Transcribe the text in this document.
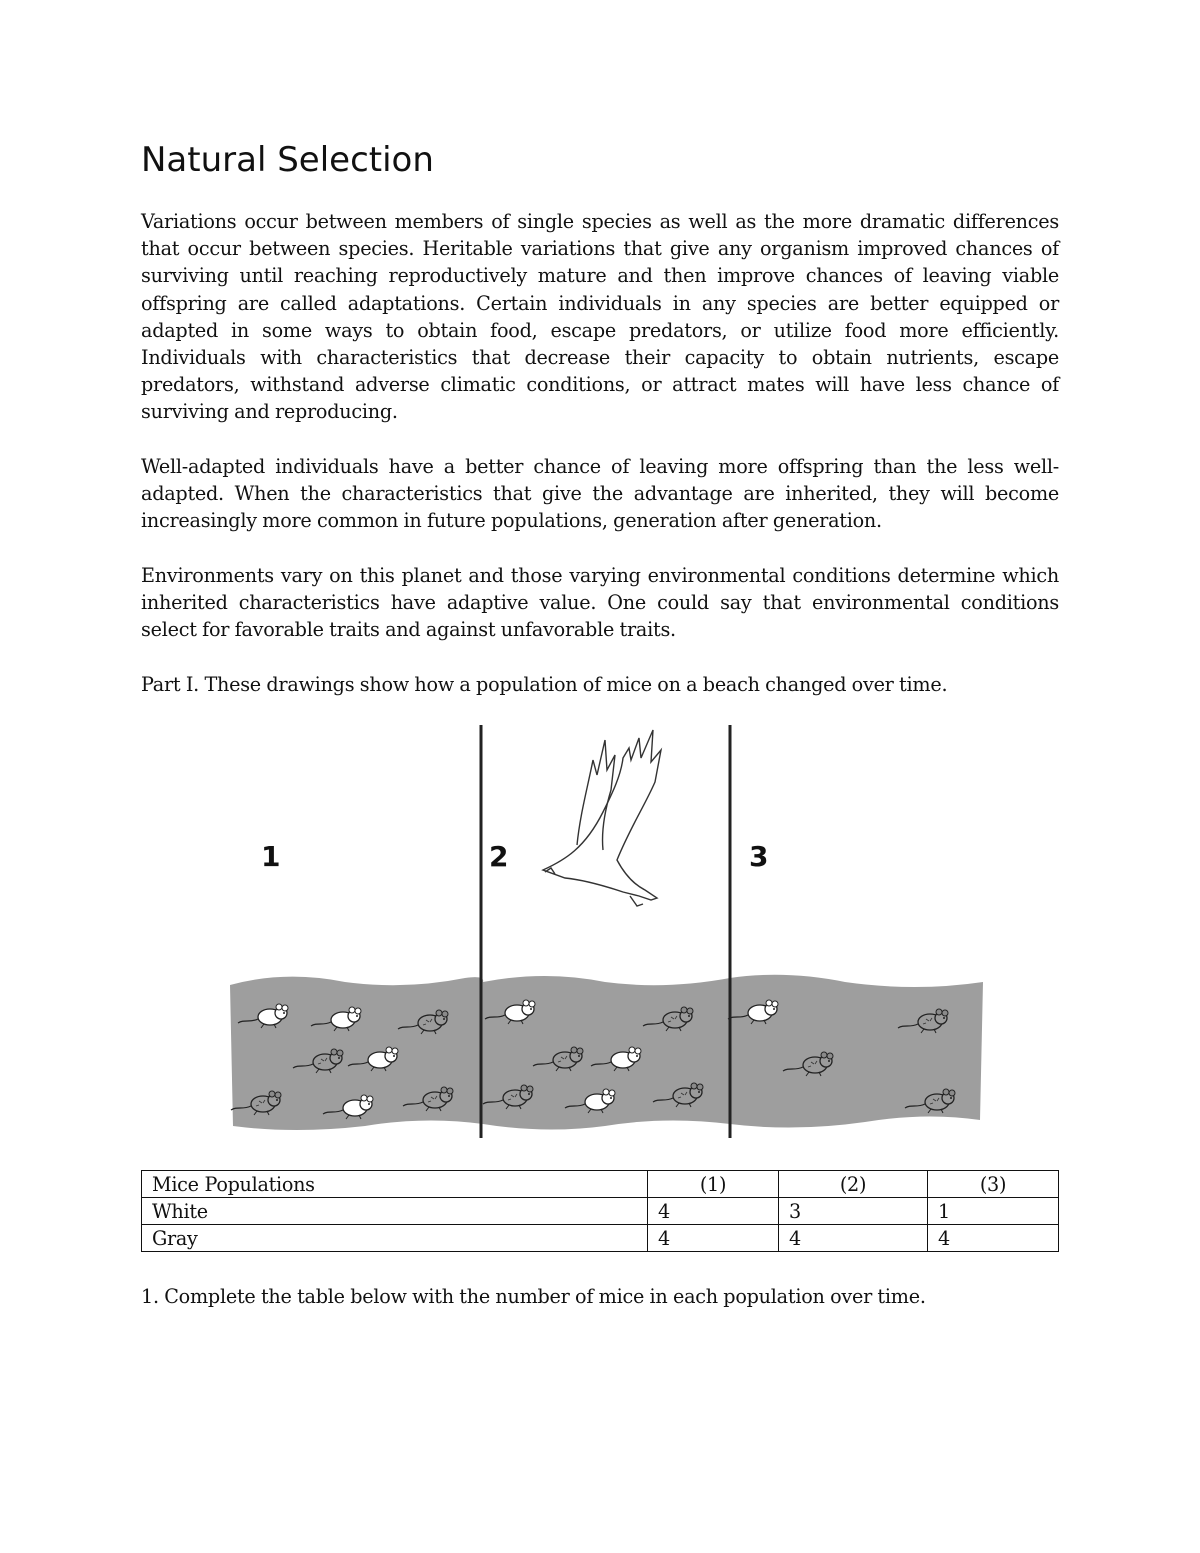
Natural Selection

Variations occur between members of single species as well as the more dramatic differences that occur between species. Heritable variations that give any organism improved chances of surviving until reaching reproductively mature and then improve chances of leaving viable offspring are called adaptations. Certain individuals in any species are better equipped or adapted in some ways to obtain food, escape predators, or utilize food more efficiently. Individuals with characteristics that decrease their capacity to obtain nutrients, escape predators, withstand adverse climatic conditions, or attract mates will have less chance of surviving and reproducing.

Well-adapted individuals have a better chance of leaving more offspring than the less well-adapted. When the characteristics that give the advantage are inherited, they will become increasingly more common in future populations, generation after generation.

Environments vary on this planet and those varying environmental conditions determine which inherited characteristics have adaptive value. One could say that environmental conditions select for favorable traits and against unfavorable traits.

Part I. These drawings show how a population of mice on a beach changed over time.

1	2	3
Mice Populations	(1)	(2)	(3)
White	4	3	1
Gray	4	4	4

1. Complete the table below with the number of mice in each population over time.
